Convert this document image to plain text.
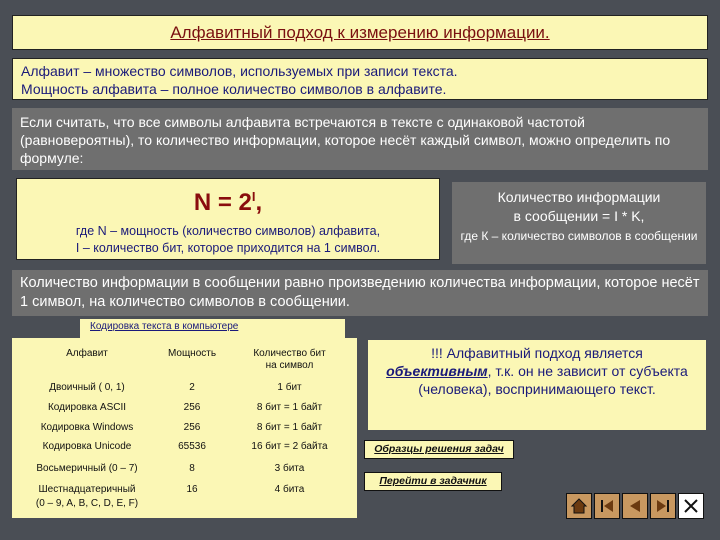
Алфавитный подход к измерению информации.
Алфавит – множество символов, используемых при записи текста.
Мощность алфавита – полное количество символов в алфавите.
Если считать, что все символы алфавита встречаются в тексте с одинаковой частотой (равновероятны), то количество информации, которое несёт каждый символ, можно определить по формуле:
$N = 2^I$,
где N – мощность (количество символов) алфавита,
I – количество бит, которое приходится на 1 символ.
Количество информации
в сообщении = I * K,
где К – количество символов в сообщении
Количество информации в сообщении равно произведению количества информации, которое несёт 1 символ, на количество символов в сообщении.
Кодировка текста в компьютере
Алфавит	Мощность	Количество бит на символ
Двоичный ( 0, 1)	2	1 бит
Кодировка ASCII	256	8 бит = 1 байт
Кодировка Windows	256	8 бит = 1 байт
Кодировка Unicode	65536	16 бит = 2 байта
Восьмеричный (0 – 7)	8	3 бита
Шестнадцатеричный	16	4 бита
(0 – 9, A, B, C, D, E, F)
!!! Алфавитный подход является
объективным, т.к. он не зависит от субъекта (человека), воспринимающего текст.
Образцы решения задач
Перейти в задачник
